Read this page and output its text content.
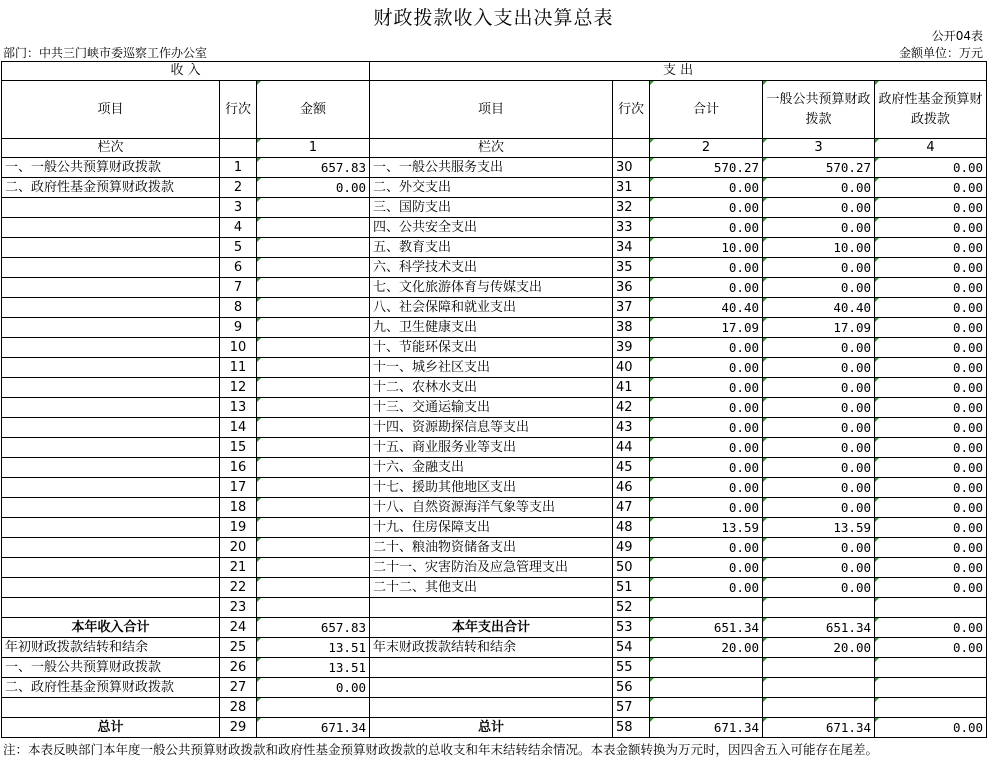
财政拨款收入支出决算总表
公开04表
部门：中共三门峡市委巡察工作办公室	金额单位：万元
收 入			支 出				
项目	行次	金额	项目	行次	合计	一般公共预算财政拨款	政府性基金预算财政拨款
栏次		1	栏次		2	3	4
一、一般公共预算财政拨款	1	657.83	一、一般公共服务支出	30	570.27	570.27	0.00
二、政府性基金预算财政拨款	2	0.00	二、外交支出	31	0.00	0.00	0.00
	3		三、国防支出	32	0.00	0.00	0.00
	4		四、公共安全支出	33	0.00	0.00	0.00
	5		五、教育支出	34	10.00	10.00	0.00
	6		六、科学技术支出	35	0.00	0.00	0.00
	7		七、文化旅游体育与传媒支出	36	0.00	0.00	0.00
	8		八、社会保障和就业支出	37	40.40	40.40	0.00
	9		九、卫生健康支出	38	17.09	17.09	0.00
	10		十、节能环保支出	39	0.00	0.00	0.00
	11		十一、城乡社区支出	40	0.00	0.00	0.00
	12		十二、农林水支出	41	0.00	0.00	0.00
	13		十三、交通运输支出	42	0.00	0.00	0.00
	14		十四、资源勘探信息等支出	43	0.00	0.00	0.00
	15		十五、商业服务业等支出	44	0.00	0.00	0.00
	16		十六、金融支出	45	0.00	0.00	0.00
	17		十七、援助其他地区支出	46	0.00	0.00	0.00
	18		十八、自然资源海洋气象等支出	47	0.00	0.00	0.00
	19		十九、住房保障支出	48	13.59	13.59	0.00
	20		二十、粮油物资储备支出	49	0.00	0.00	0.00
	21		二十一、灾害防治及应急管理支出	50	0.00	0.00	0.00
	22		二十二、其他支出	51	0.00	0.00	0.00
	23			52			
本年收入合计	24	657.83	本年支出合计	53	651.34	651.34	0.00
年初财政拨款结转和结余	25	13.51	年末财政拨款结转和结余	54	20.00	20.00	0.00
一、一般公共预算财政拨款	26	13.51		55			
二、政府性基金预算财政拨款	27	0.00		56			
	28			57			
总计	29	671.34	总计	58	671.34	671.34	0.00
注：本表反映部门本年度一般公共预算财政拨款和政府性基金预算财政拨款的总收支和年末结转结余情况。本表金额转换为万元时，因四舍五入可能存在尾差。
